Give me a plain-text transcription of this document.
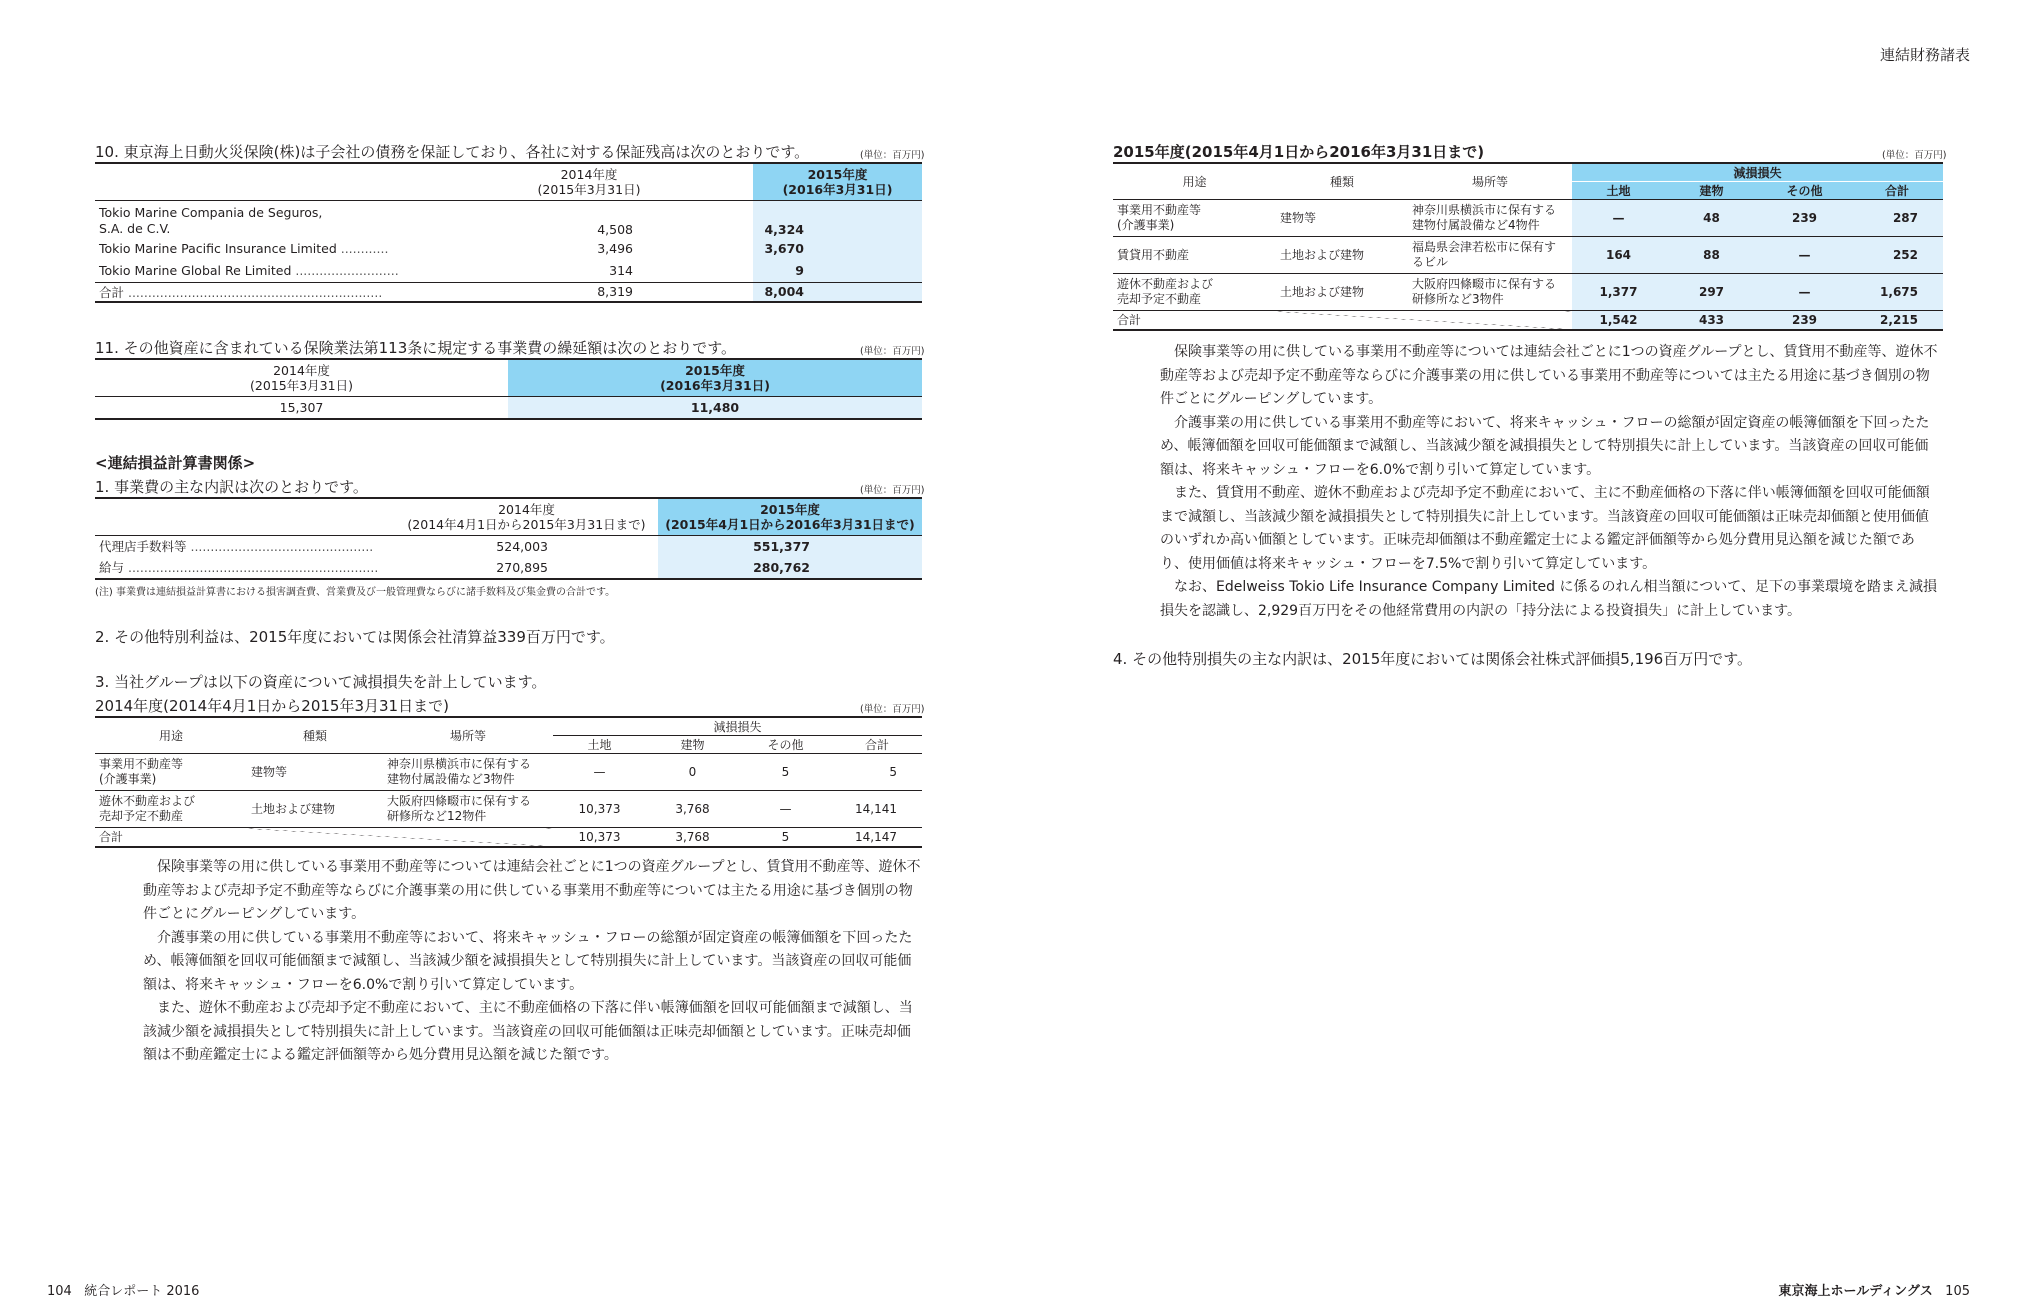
連結財務諸表
10. 東京海上日動火災保険(株)は子会社の債務を保証しており、各社に対する保証残高は次のとおりです。	(単位：百万円)
	2014年度
(2015年3月31日)	2015年度
(2016年3月31日)
Tokio Marine Compania de Seguros,
S.A. de C.V.	4,508	4,324
Tokio Marine Pacific Insurance Limited ............	3,496	3,670
Tokio Marine Global Re Limited ..........................	314	9
合計 ................................................................	8,319	8,004
11. その他資産に含まれている保険業法第113条に規定する事業費の繰延額は次のとおりです。	(単位：百万円)
2014年度
(2015年3月31日)	2015年度
(2016年3月31日)
15,307	11,480
<連結損益計算書関係>
1. 事業費の主な内訳は次のとおりです。	(単位：百万円)
	2014年度
(2014年4月1日から2015年3月31日まで)	2015年度
(2015年4月1日から2016年3月31日まで)
代理店手数料等 ..............................................	524,003	551,377
給与 ...............................................................	270,895	280,762
(注) 事業費は連結損益計算書における損害調査費、営業費及び一般管理費ならびに諸手数料及び集金費の合計です。
2. その他特別利益は、2015年度においては関係会社清算益339百万円です。
3. 当社グループは以下の資産について減損損失を計上しています。
2014年度(2014年4月1日から2015年3月31日まで)	(単位：百万円)
用途	種類	場所等	減損損失			
			土地	建物	その他	合計
事業用不動産等
(介護事業)	建物等	神奈川県横浜市に保有する
建物付属設備など3物件	—	0	5	5
遊休不動産および
売却予定不動産	土地および建物	大阪府四條畷市に保有する
研修所など12物件	10,373	3,768	—	14,141
合計			10,373	3,768	5	14,147

保険事業等の用に供している事業用不動産等については連結会社ごとに1つの資産グループとし、賃貸用不動産等、遊休不動産等および売却予定不動産等ならびに介護事業の用に供している事業用不動産等については主たる用途に基づき個別の物件ごとにグルーピングしています。

介護事業の用に供している事業用不動産等において、将来キャッシュ・フローの総額が固定資産の帳簿価額を下回ったため、帳簿価額を回収可能価額まで減額し、当該減少額を減損損失として特別損失に計上しています。当該資産の回収可能価額は、将来キャッシュ・フローを6.0%で割り引いて算定しています。

また、遊休不動産および売却予定不動産において、主に不動産価格の下落に伴い帳簿価額を回収可能価額まで減額し、当該減少額を減損損失として特別損失に計上しています。当該資産の回収可能価額は正味売却価額としています。正味売却価額は不動産鑑定士による鑑定評価額等から処分費用見込額を減じた額です。

2015年度(2015年4月1日から2016年3月31日まで)	(単位：百万円)
用途	種類	場所等	減損損失			
			土地	建物	その他	合計
事業用不動産等
(介護事業)	建物等	神奈川県横浜市に保有する
建物付属設備など4物件	—	48	239	287
賃貸用不動産	土地および建物	福島県会津若松市に保有す
るビル	164	88	—	252
遊休不動産および
売却予定不動産	土地および建物	大阪府四條畷市に保有する
研修所など3物件	1,377	297	—	1,675
合計			1,542	433	239	2,215

保険事業等の用に供している事業用不動産等については連結会社ごとに1つの資産グループとし、賃貸用不動産等、遊休不動産等および売却予定不動産等ならびに介護事業の用に供している事業用不動産等については主たる用途に基づき個別の物件ごとにグルーピングしています。

介護事業の用に供している事業用不動産等において、将来キャッシュ・フローの総額が固定資産の帳簿価額を下回ったため、帳簿価額を回収可能価額まで減額し、当該減少額を減損損失として特別損失に計上しています。当該資産の回収可能価額は、将来キャッシュ・フローを6.0%で割り引いて算定しています。

また、賃貸用不動産、遊休不動産および売却予定不動産において、主に不動産価格の下落に伴い帳簿価額を回収可能価額まで減額し、当該減少額を減損損失として特別損失に計上しています。当該資産の回収可能価額は正味売却価額と使用価値のいずれか高い価額としています。正味売却価額は不動産鑑定士による鑑定評価額等から処分費用見込額を減じた額であり、使用価値は将来キャッシュ・フローを7.5%で割り引いて算定しています。

なお、Edelweiss Tokio Life Insurance Company Limited に係るのれん相当額について、足下の事業環境を踏まえ減損損失を認識し、2,929百万円をその他経常費用の内訳の「持分法による投資損失」に計上しています。

4. その他特別損失の主な内訳は、2015年度においては関係会社株式評価損5,196百万円です。
104 統合レポート 2016	東京海上ホールディングス 105
